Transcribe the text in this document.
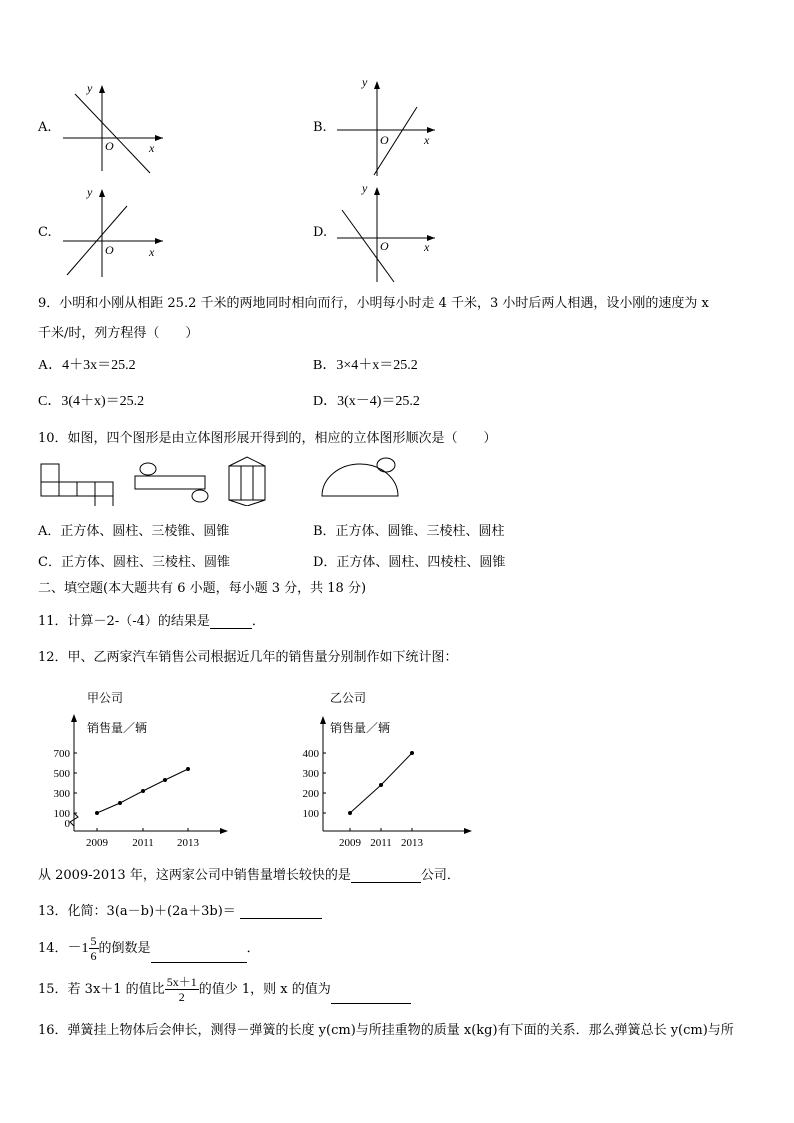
A.
y
x
O
B.
y
x
O
C.
y
x
O
D.
y
x
O
9．小明和小刚从相距 25.2 千米的两地同时相向而行，小明每小时走 4 千米，3 小时后两人相遇，设小刚的速度为 x
千米/时，列方程得（　　）
A．4＋3x＝25.2	B．3×4＋x＝25.2
C．3(4＋x)＝25.2	D．3(x－4)＝25.2
10．如图，四个图形是由立体图形展开得到的，相应的立体图形顺次是（　　）
A．正方体、圆柱、三棱锥、圆锥	B．正方体、圆锥、三棱柱、圆柱
C．正方体、圆柱、三棱柱、圆锥	D．正方体、圆柱、四棱柱、圆锥
二、填空题(本大题共有 6 小题，每小题 3 分，共 18 分)
11．计算－2-（-4）的结果是	．
12．甲、乙两家汽车销售公司根据近几年的销售量分别制作如下统计图：
甲公司
销售量／辆
0
100
300
500
700
2009 2011 2013
乙公司
销售量／辆
100
200
300
400
2009 2011 2013
从 2009-2013 年，这两家公司中销售量增长较快的是	公司．
13．化简：3(a－b)＋(2a＋3b)＝
14．$-1 \frac{5}{6}$ 的倒数是	．
15．若 3x＋1 的值比 $\frac{5x+1}{2}$ 的值少 1，则 x 的值为
16．弹簧挂上物体后会伸长，测得－弹簧的长度 y(cm)与所挂重物的质量 x(kg)有下面的关系．那么弹簧总长 y(cm)与所
